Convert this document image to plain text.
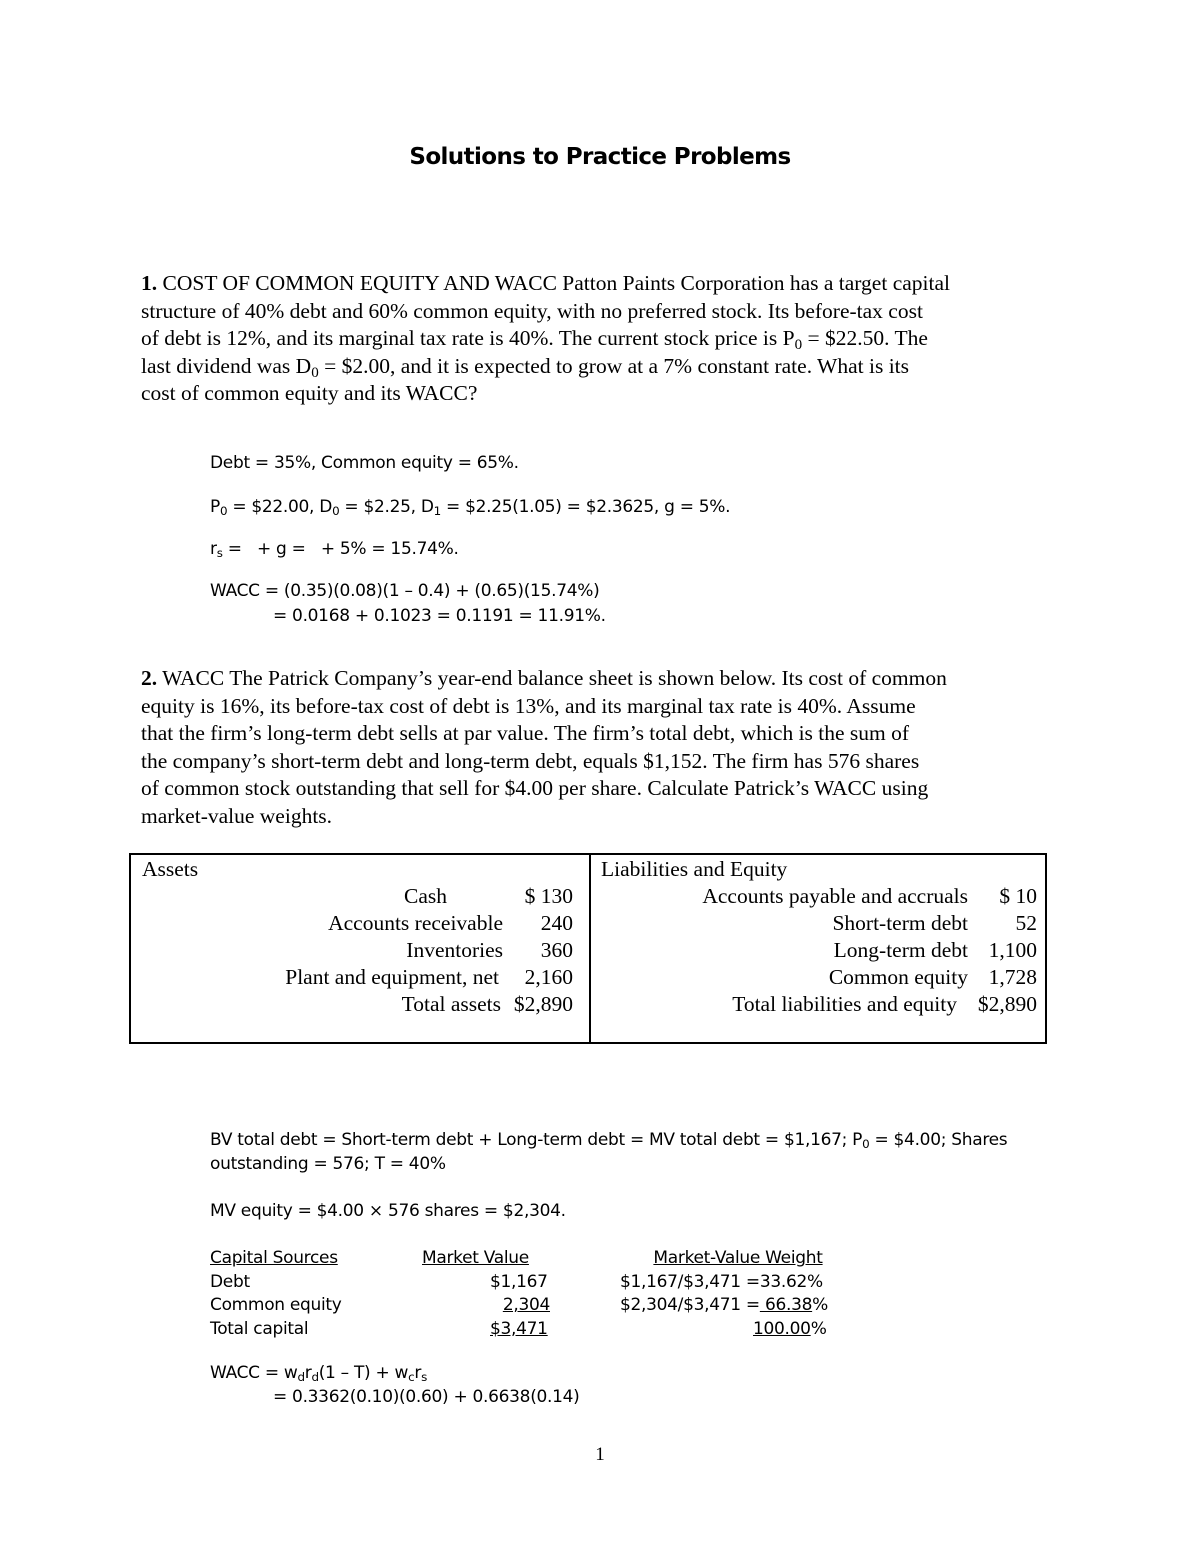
Solutions to Practice Problems
1. COST OF COMMON EQUITY AND WACC Patton Paints Corporation has a target capital
structure of 40% debt and 60% common equity, with no preferred stock. Its before-tax cost
of debt is 12%, and its marginal tax rate is 40%. The current stock price is $P_0$ = $22.50. The
last dividend was $D_0$ = $2.00, and it is expected to grow at a 7% constant rate. What is its
cost of common equity and its WACC?
Debt = 35%, Common equity = 65%.
$P_0$ = $22.00, $D_0$ = $2.25, $D_1$ = $2.25(1.05) = $2.3625, g = 5%.
$r_s$ =   + g =   + 5% = 15.74%.
WACC = (0.35)(0.08)(1 – 0.4) + (0.65)(15.74%)
= 0.0168 + 0.1023 = 0.1191 = 11.91%.
2. WACC The Patrick Company’s year-end balance sheet is shown below. Its cost of common
equity is 16%, its before-tax cost of debt is 13%, and its marginal tax rate is 40%. Assume
that the firm’s long-term debt sells at par value. The firm’s total debt, which is the sum of
the company’s short-term debt and long-term debt, equals $1,152. The firm has 576 shares
of common stock outstanding that sell for $4.00 per share. Calculate Patrick’s WACC using
market-value weights.
Assets
Cash	$ 130
Accounts receivable 240
Inventories 360
Plant and equipment, net 2,160
Total assets $2,890
Liabilities and Equity
Accounts payable and accruals $ 10
Short-term debt 52
Long-term debt 1,100
Common equity 1,728
Total liabilities and equity $2,890
BV total debt = Short-term debt + Long-term debt = MV total debt = $1,167; $P_0$ = $4.00; Shares
outstanding = 576; T = 40%
MV equity = $4.00 × 576 shares = $2,304.
Capital Sources	Market Value	Market-Value Weight
Debt	$1,167	$1,167/$3,471 =33.62%
Common equity	2,304	$2,304/$3,471 = 66.38%
Total capital	$3,471	100.00%
WACC = $w_dr_d(1 - T) + w_cr_s$
= 0.3362(0.10)(0.60) + 0.6638(0.14)
1
